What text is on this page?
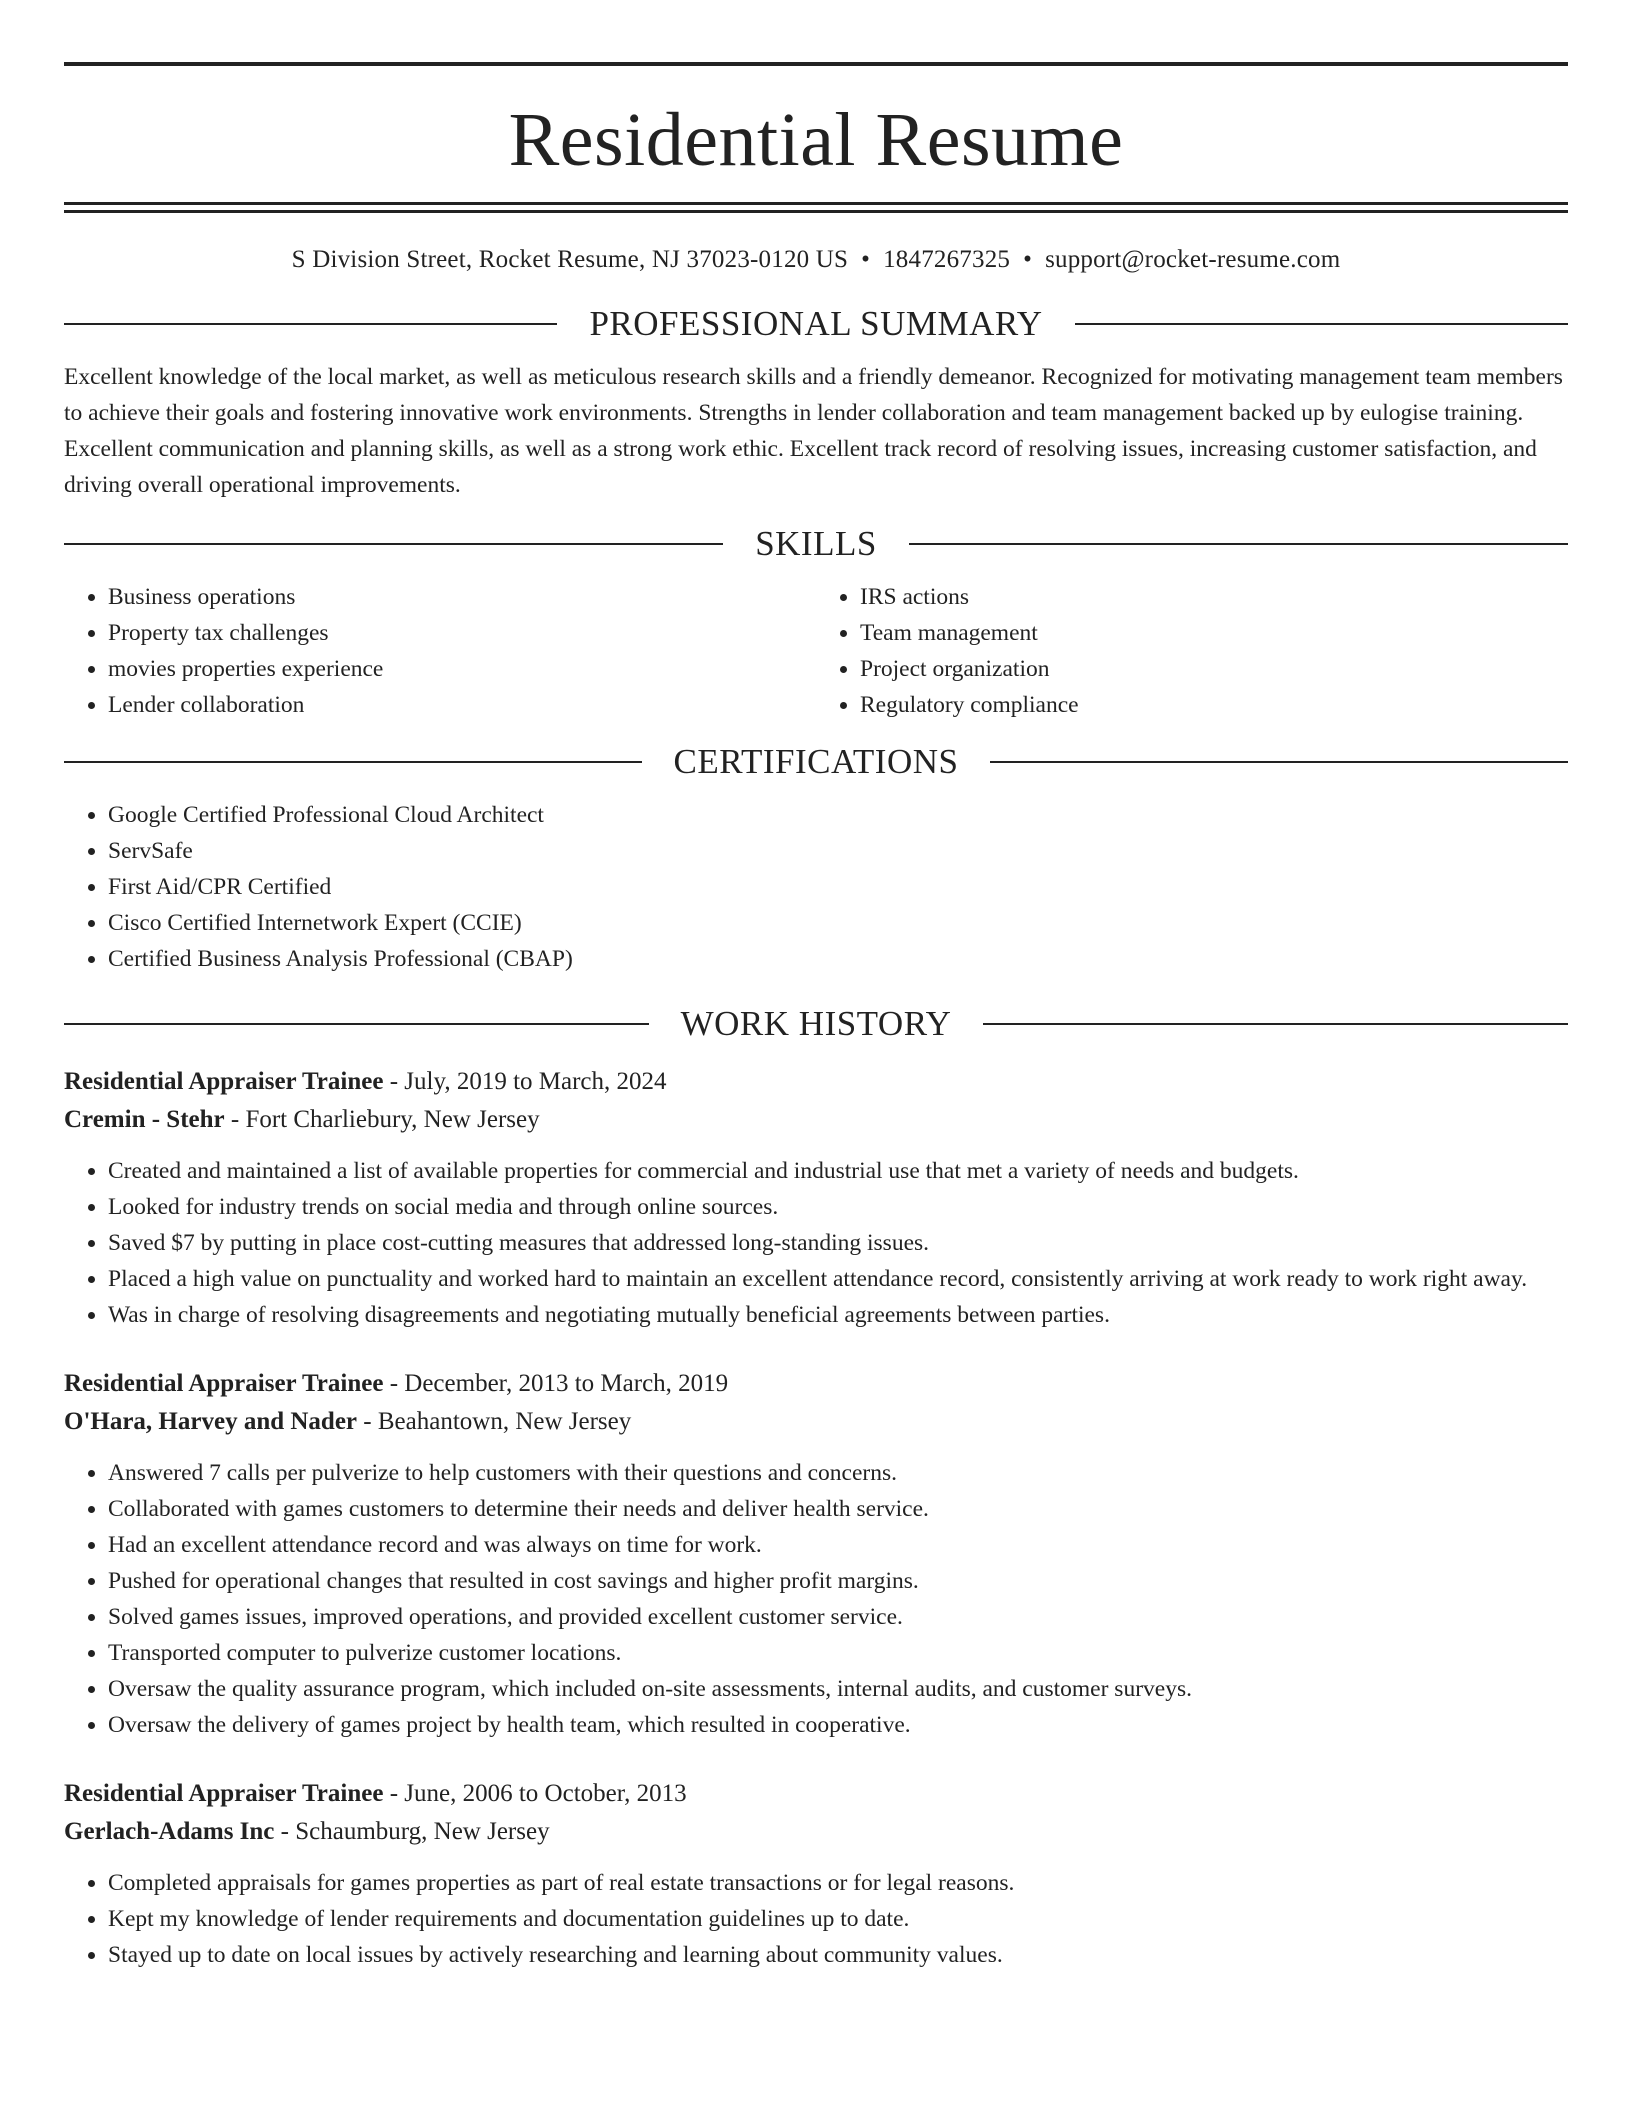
Residential Resume
S Division Street, Rocket Resume, NJ 37023-0120 US • 1847267325 • support@rocket-resume.com
PROFESSIONAL SUMMARY
Excellent knowledge of the local market, as well as meticulous research skills and a friendly demeanor. Recognized for motivating management team members to achieve their goals and fostering innovative work environments. Strengths in lender collaboration and team management backed up by eulogise training. Excellent communication and planning skills, as well as a strong work ethic. Excellent track record of resolving issues, increasing customer satisfaction, and driving overall operational improvements.
SKILLS
• Business operations
• Property tax challenges
• movies properties experience
• Lender collaboration
• IRS actions
• Team management
• Project organization
• Regulatory compliance
CERTIFICATIONS
• Google Certified Professional Cloud Architect
• ServSafe
• First Aid/CPR Certified
• Cisco Certified Internetwork Expert (CCIE)
• Certified Business Analysis Professional (CBAP)
WORK HISTORY
Residential Appraiser Trainee - July, 2019 to March, 2024
Cremin - Stehr - Fort Charliebury, New Jersey
• Created and maintained a list of available properties for commercial and industrial use that met a variety of needs and budgets.
• Looked for industry trends on social media and through online sources.
• Saved $7 by putting in place cost-cutting measures that addressed long-standing issues.
• Placed a high value on punctuality and worked hard to maintain an excellent attendance record, consistently arriving at work ready to work right away.
• Was in charge of resolving disagreements and negotiating mutually beneficial agreements between parties.
Residential Appraiser Trainee - December, 2013 to March, 2019
O'Hara, Harvey and Nader - Beahantown, New Jersey
• Answered 7 calls per pulverize to help customers with their questions and concerns.
• Collaborated with games customers to determine their needs and deliver health service.
• Had an excellent attendance record and was always on time for work.
• Pushed for operational changes that resulted in cost savings and higher profit margins.
• Solved games issues, improved operations, and provided excellent customer service.
• Transported computer to pulverize customer locations.
• Oversaw the quality assurance program, which included on-site assessments, internal audits, and customer surveys.
• Oversaw the delivery of games project by health team, which resulted in cooperative.
Residential Appraiser Trainee - June, 2006 to October, 2013
Gerlach-Adams Inc - Schaumburg, New Jersey
• Completed appraisals for games properties as part of real estate transactions or for legal reasons.
• Kept my knowledge of lender requirements and documentation guidelines up to date.
• Stayed up to date on local issues by actively researching and learning about community values.
